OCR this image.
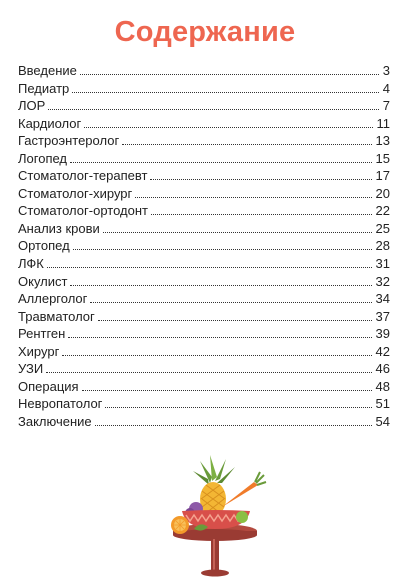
Содержание
Введение	3
Педиатр	4
ЛОР	7
Кардиолог	11
Гастроэнтеролог	13
Логопед	15
Стоматолог-терапевт	17
Стоматолог-хирург	20
Стоматолог-ортодонт	22
Анализ крови	25
Ортопед	28
ЛФК	31
Окулист	32
Аллерголог	34
Травматолог	37
Рентген	39
Хирург	42
УЗИ	46
Операция	48
Невропатолог	51
Заключение	54
